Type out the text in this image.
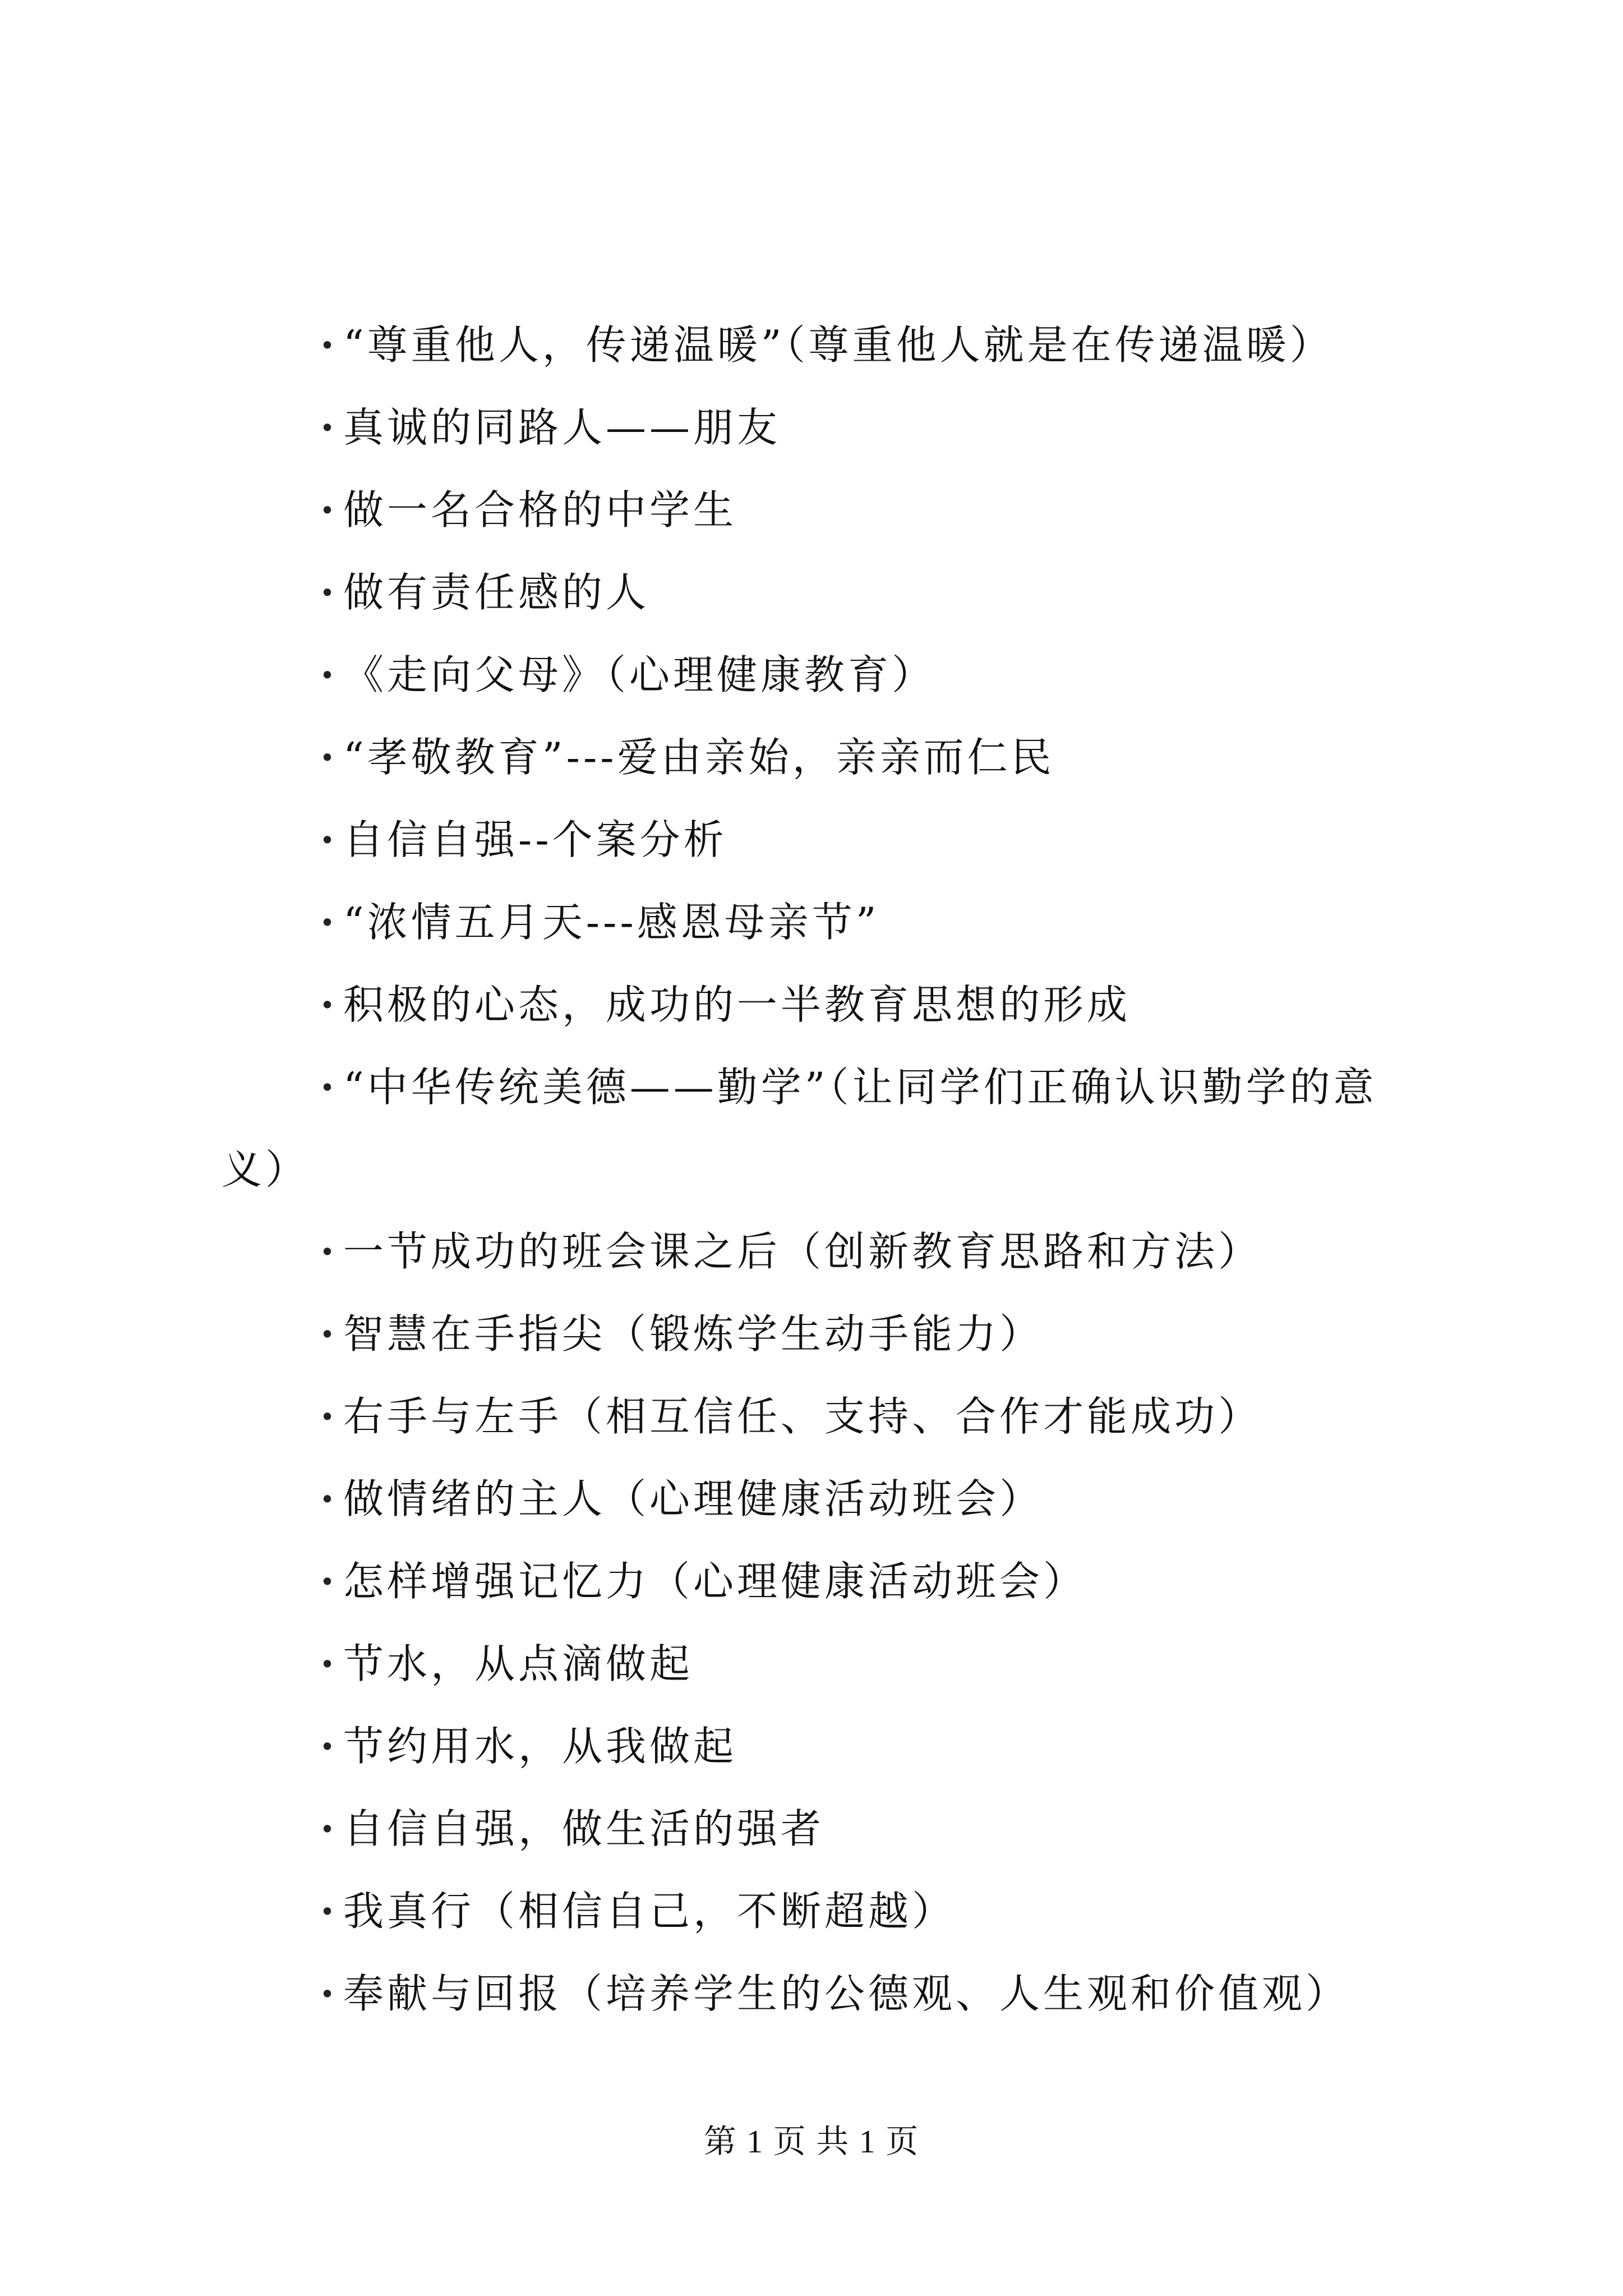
• “尊重他人，传递温暖”（尊重他人就是在传递温暖）
• 真诚的同路人——朋友
• 做一名合格的中学生
• 做有责任感的人
• 《走向父母》（心理健康教育）
• “孝敬教育”---爱由亲始，亲亲而仁民
• 自信自强--个案分析
• “浓情五月天---感恩母亲节”
• 积极的心态，成功的一半教育思想的形成
• “中华传统美德——勤学”（让同学们正确认识勤学的意义）
• 一节成功的班会课之后（创新教育思路和方法）
• 智慧在手指尖（锻炼学生动手能力）
• 右手与左手（相互信任、支持、合作才能成功）
• 做情绪的主人（心理健康活动班会）
• 怎样增强记忆力（心理健康活动班会）
• 节水，从点滴做起
• 节约用水，从我做起
• 自信自强，做生活的强者
• 我真行（相信自己，不断超越）
• 奉献与回报（培养学生的公德观、人生观和价值观）
第 1 页 共 1 页
